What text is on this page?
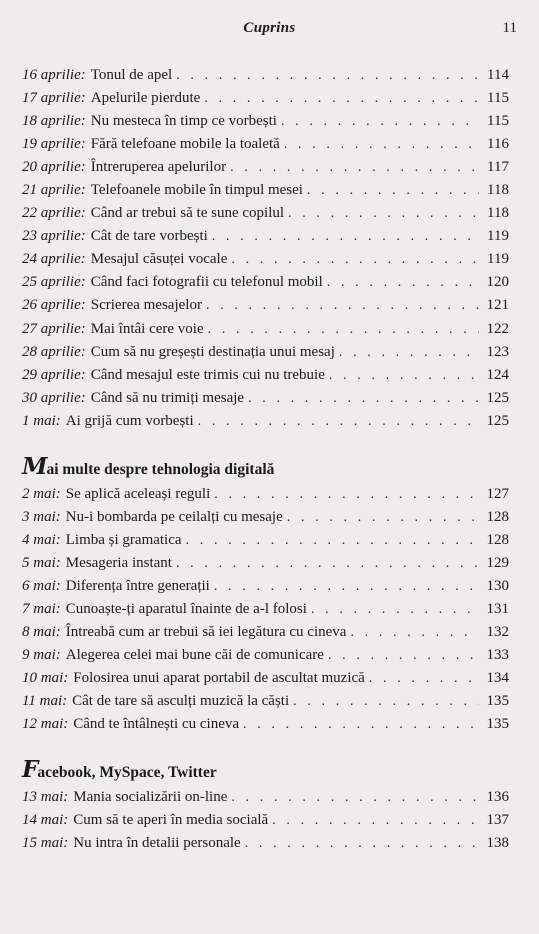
Cuprins	11
16 aprilie: Tonul de apel . . .	114
17 aprilie: Apelurile pierdute . . .	115
18 aprilie: Nu mesteca în timp ce vorbești . . .	115
19 aprilie: Fără telefoane mobile la toaletă . . .	116
20 aprilie: Întreruperea apelurilor . . .	117
21 aprilie: Telefoanele mobile în timpul mesei . . .	118
22 aprilie: Când ar trebui să te sune copilul . . .	118
23 aprilie: Cât de tare vorbești . . .	119
24 aprilie: Mesajul căsuței vocale . . .	119
25 aprilie: Când faci fotografii cu telefonul mobil . . .	120
26 aprilie: Scrierea mesajelor . . .	121
27 aprilie: Mai întâi cere voie . . .	122
28 aprilie: Cum să nu greșești destinația unui mesaj . . .	123
29 aprilie: Când mesajul este trimis cui nu trebuie . . .	124
30 aprilie: Când să nu trimiți mesaje . . .	125
1 mai: Ai grijă cum vorbești . . .	125
Mai multe despre tehnologia digitală
2 mai: Se aplică aceleași reguli . . .	127
3 mai: Nu-i bombarda pe ceilalți cu mesaje . . .	128
4 mai: Limba și gramatica . . .	128
5 mai: Mesageria instant . . .	129
6 mai: Diferența între generații . . .	130
7 mai: Cunoaște-ți aparatul înainte de a-l folosi . . .	131
8 mai: Întreabă cum ar trebui să iei legătura cu cineva . . .	132
9 mai: Alegerea celei mai bune căi de comunicare . . .	133
10 mai: Folosirea unui aparat portabil de ascultat muzică . . .	134
11 mai: Cât de tare să asculți muzică la căști . . .	135
12 mai: Când te întâlnești cu cineva . . .	135
Facebook, MySpace, Twitter
13 mai: Mania socializării on-line . . .	136
14 mai: Cum să te aperi în media socială . . .	137
15 mai: Nu intra în detalii personale . . .	138
